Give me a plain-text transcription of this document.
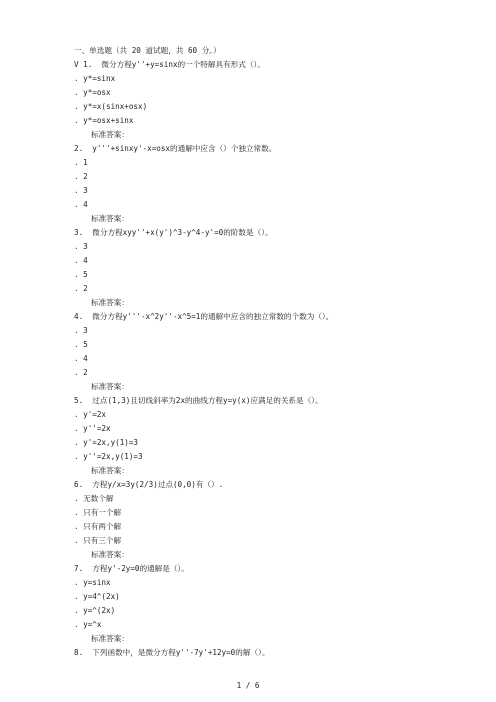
一、单选题（共 20 道试题，共 60 分。）
V 1.  微分方程y''+y=sinx的一个特解具有形式（）。
. y*=sinx
. y*=osx
. y*=x(sinx+osx)
. y*=osx+sinx
标准答案：
2.  y'''+sinxy'-x=osx的通解中应含（）个独立常数。
. 1
. 2
. 3
. 4
标准答案：
3.  微分方程xyy''+x(y')^3-y^4-y'=0的阶数是（）。
. 3
. 4
. 5
. 2
标准答案：
4.  微分方程y'''-x^2y''-x^5=1的通解中应含的独立常数的个数为（）。
. 3
. 5
. 4
. 2
标准答案：
5.  过点(1,3)且切线斜率为2x的曲线方程y=y(x)应满足的关系是（）。
. y'=2x
. y''=2x
. y'=2x,y(1)=3
. y''=2x,y(1)=3
标准答案：
6.  方程y/x=3y(2/3)过点(0,0)有（）.
. 无数个解
. 只有一个解
. 只有两个解
. 只有三个解
标准答案：
7.  方程y'-2y=0的通解是（）。
. y=sinx
. y=4^(2x)
. y=^(2x)
. y=^x
标准答案：
8.  下列函数中，是微分方程y''-7y'+12y=0的解（）。
1 / 6
